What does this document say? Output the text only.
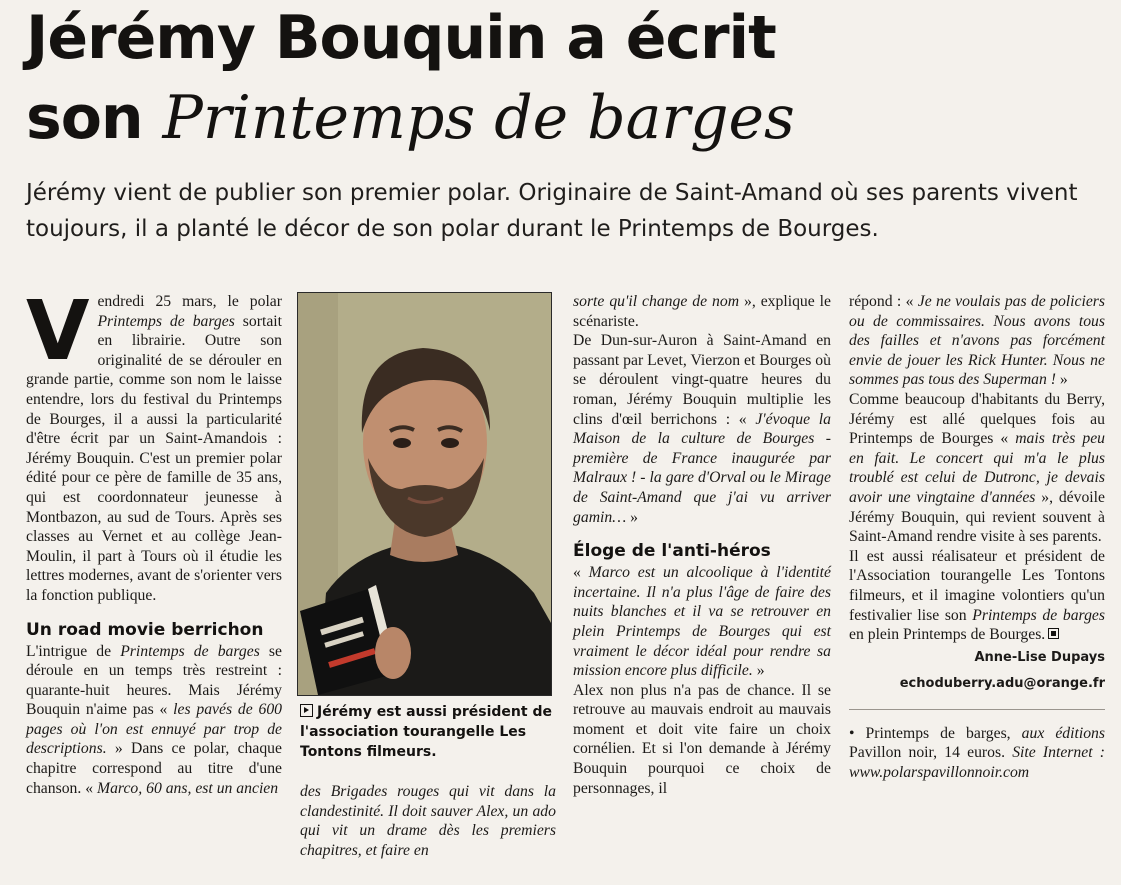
Jérémy Bouquin a écrit
son Printemps de barges

Jérémy vient de publier son premier polar. Originaire de Saint-Amand où ses parents vivent toujours, il a planté le décor de son polar durant le Printemps de Bourges.

Vendredi 25 mars, le polar Printemps de barges sortait en librairie. Outre son originalité de se dérouler en grande partie, comme son nom le laisse entendre, lors du festival du Printemps de Bourges, il a aussi la particularité d'être écrit par un Saint-Amandois : Jérémy Bouquin. C'est un premier polar édité pour ce père de famille de 35 ans, qui est coordonnateur jeunesse à Montbazon, au sud de Tours. Après ses classes au Vernet et au collège Jean-Moulin, il part à Tours où il étudie les lettres modernes, avant de s'orienter vers la fonction publique.

Un road movie berrichon

L'intrigue de Printemps de barges se déroule en un temps très restreint : quarante-huit heures. Mais Jérémy Bouquin n'aime pas « les pavés de 600 pages où l'on est ennuyé par trop de descriptions. » Dans ce polar, chaque chapitre correspond au titre d'une chanson. « Marco, 60 ans, est un ancien

Jérémy est aussi président de l'association tourangelle Les Tontons filmeurs.

des Brigades rouges qui vit dans la clandestinité. Il doit sauver Alex, un ado qui vit un drame dès les premiers chapitres, et faire en

sorte qu'il change de nom », explique le scénariste.

De Dun-sur-Auron à Saint-Amand en passant par Levet, Vierzon et Bourges où se déroulent vingt-quatre heures du roman, Jérémy Bouquin multiplie les clins d'œil berrichons : « J'évoque la Maison de la culture de Bourges - première de France inaugurée par Malraux ! - la gare d'Orval ou le Mirage de Saint-Amand que j'ai vu arriver gamin… »

Éloge de l'anti-héros

« Marco est un alcoolique à l'identité incertaine. Il n'a plus l'âge de faire des nuits blanches et il va se retrouver en plein Printemps de Bourges qui est vraiment le décor idéal pour rendre sa mission encore plus difficile. »

Alex non plus n'a pas de chance. Il se retrouve au mauvais endroit au mauvais moment et doit vite faire un choix cornélien. Et si l'on demande à Jérémy Bouquin pourquoi ce choix de personnages, il

répond : « Je ne voulais pas de policiers ou de commissaires. Nous avons tous des failles et n'avons pas forcément envie de jouer les Rick Hunter. Nous ne sommes pas tous des Superman ! »

Comme beaucoup d'habitants du Berry, Jérémy est allé quelques fois au Printemps de Bourges « mais très peu en fait. Le concert qui m'a le plus troublé est celui de Dutronc, je devais avoir une vingtaine d'années », dévoile Jérémy Bouquin, qui revient souvent à Saint-Amand rendre visite à ses parents.

Il est aussi réalisateur et président de l'Association tourangelle Les Tontons filmeurs, et il imagine volontiers qu'un festivalier lise son Printemps de barges en plein Printemps de Bourges.

Anne-Lise Dupays

echoduberry.adu@orange.fr

• Printemps de barges, aux éditions Pavillon noir, 14 euros. Site Internet : www.polarspavillonnoir.com
